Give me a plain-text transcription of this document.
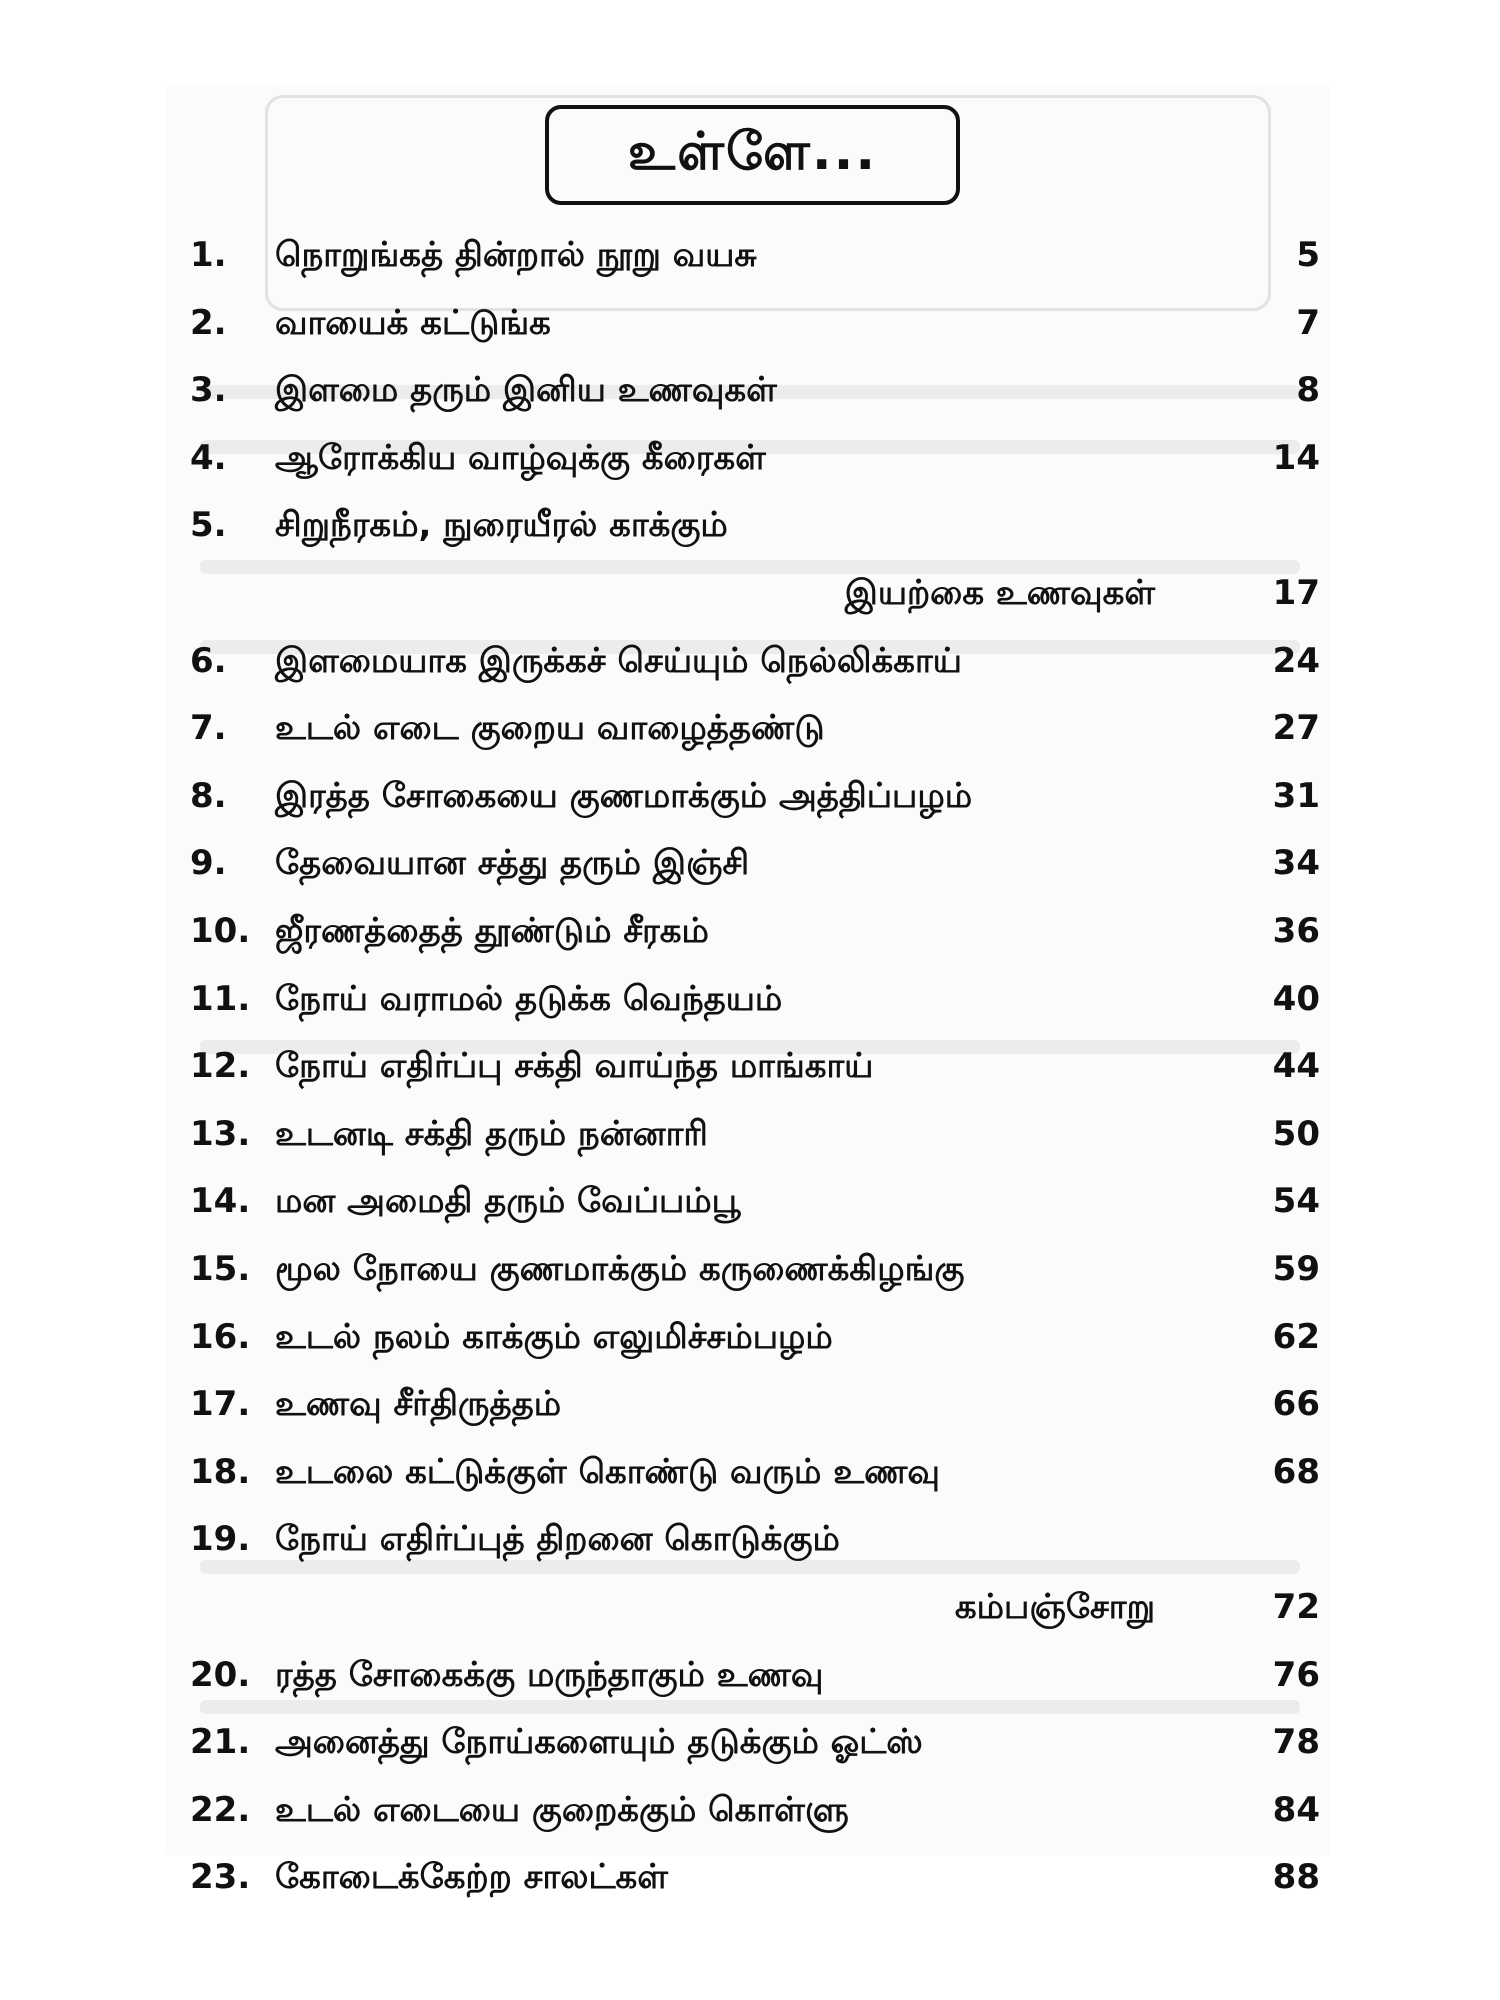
உள்ளே...
1. நொறுங்கத் தின்றால் நூறு வயசு	5
2. வாயைக் கட்டுங்க	7
3. இளமை தரும் இனிய உணவுகள்	8
4. ஆரோக்கிய வாழ்வுக்கு கீரைகள்	14
5. சிறுநீரகம், நுரையீரல் காக்கும்
இயற்கை உணவுகள்	17
6. இளமையாக இருக்கச் செய்யும் நெல்லிக்காய்	24
7. உடல் எடை குறைய வாழைத்தண்டு	27
8. இரத்த சோகையை குணமாக்கும் அத்திப்பழம்	31
9. தேவையான சத்து தரும் இஞ்சி	34
10. ஜீரணத்தைத் தூண்டும் சீரகம்	36
11. நோய் வராமல் தடுக்க வெந்தயம்	40
12. நோய் எதிர்ப்பு சக்தி வாய்ந்த மாங்காய்	44
13. உடனடி சக்தி தரும் நன்னாரி	50
14. மன அமைதி தரும் வேப்பம்பூ	54
15. மூல நோயை குணமாக்கும் கருணைக்கிழங்கு	59
16. உடல் நலம் காக்கும் எலுமிச்சம்பழம்	62
17. உணவு சீர்திருத்தம்	66
18. உடலை கட்டுக்குள் கொண்டு வரும் உணவு	68
19. நோய் எதிர்ப்புத் திறனை கொடுக்கும்
கம்பஞ்சோறு	72
20. ரத்த சோகைக்கு மருந்தாகும் உணவு	76
21. அனைத்து நோய்களையும் தடுக்கும் ஓட்ஸ்	78
22. உடல் எடையை குறைக்கும் கொள்ளு	84
23. கோடைக்கேற்ற சாலட்கள்	88
